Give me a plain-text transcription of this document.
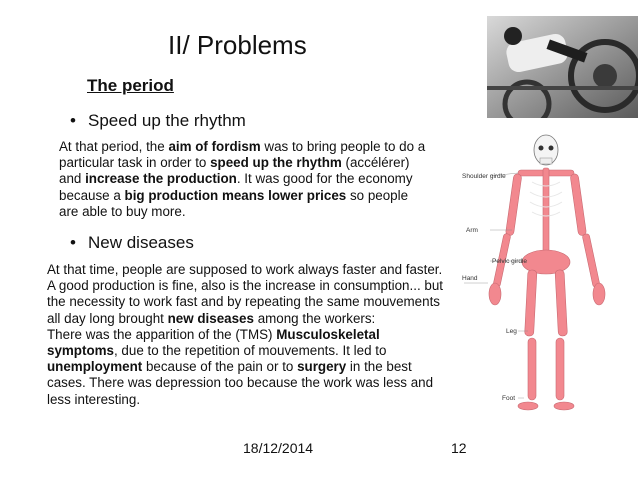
II/ Problems
The period
• Speed up the rhythm
At that period, the aim of fordism was to bring people to do a
particular task in order to speed up the rhythm (accélérer)
and increase the production. It was good for the economy
because a big production means lower prices so people
are able to buy more.
• New diseases
At that time, people are supposed to work always faster and faster.
A good production is fine, also is the increase in consumption... but
the necessity to work fast and by repeating the same mouvements
all day long brought new diseases among the workers:
There was the apparition of the (TMS) Musculoskeletal
symptoms, due to the repetition of mouvements. It led to
unemployment because of the pain or to surgery in the best
cases. There was depression too because the work was less and
less interesting.
Shoulder girdle
Arm
Hand
Pelvic girdle
Leg
Foot
18/12/2014	12
